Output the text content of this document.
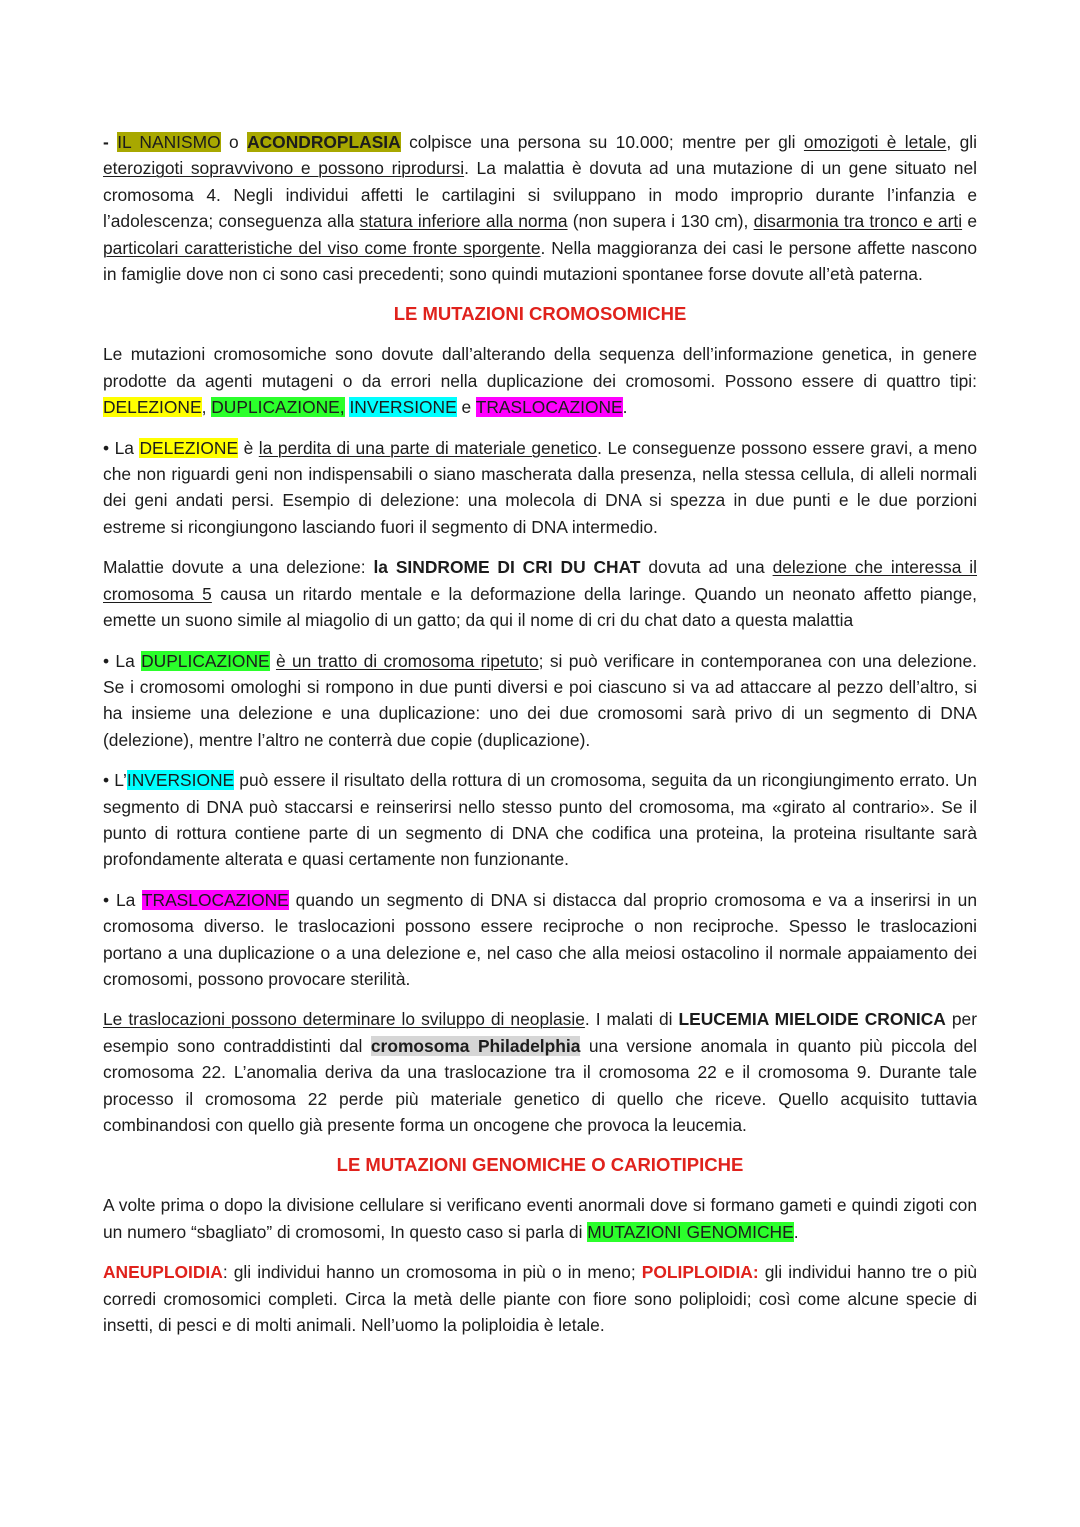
- IL NANISMO o ACONDROPLASIA colpisce una persona su 10.000; mentre per gli omozigoti è letale, gli eterozigoti sopravvivono e possono riprodursi. La malattia è dovuta ad una mutazione di un gene situato nel cromosoma 4. Negli individui affetti le cartilagini si sviluppano in modo improprio durante l’infanzia e l’adolescenza; conseguenza alla statura inferiore alla norma (non supera i 130 cm), disarmonia tra tronco e arti e particolari caratteristiche del viso come fronte sporgente. Nella maggioranza dei casi le persone affette nascono in famiglie dove non ci sono casi precedenti; sono quindi mutazioni spontanee forse dovute all’età paterna.

LE MUTAZIONI CROMOSOMICHE

Le mutazioni cromosomiche sono dovute dall’alterando della sequenza dell’informazione genetica, in genere prodotte da agenti mutageni o da errori nella duplicazione dei cromosomi. Possono essere di quattro tipi: DELEZIONE, DUPLICAZIONE, INVERSIONE e TRASLOCAZIONE.

• La DELEZIONE è la perdita di una parte di materiale genetico. Le conseguenze possono essere gravi, a meno che non riguardi geni non indispensabili o siano mascherata dalla presenza, nella stessa cellula, di alleli normali dei geni andati persi. Esempio di delezione: una molecola di DNA si spezza in due punti e le due porzioni estreme si ricongiungono lasciando fuori il segmento di DNA intermedio.

Malattie dovute a una delezione: la SINDROME DI CRI DU CHAT dovuta ad una delezione che interessa il cromosoma 5 causa un ritardo mentale e la deformazione della laringe. Quando un neonato affetto piange, emette un suono simile al miagolio di un gatto; da qui il nome di cri du chat dato a questa malattia

• La DUPLICAZIONE è un tratto di cromosoma ripetuto; si può verificare in contemporanea con una delezione. Se i cromosomi omologhi si rompono in due punti diversi e poi ciascuno si va ad attaccare al pezzo dell’altro, si ha insieme una delezione e una duplicazione: uno dei due cromosomi sarà privo di un segmento di DNA (delezione), mentre l’altro ne conterrà due copie (duplicazione).

• L’INVERSIONE può essere il risultato della rottura di un cromosoma, seguita da un ricongiungimento errato. Un segmento di DNA può staccarsi e reinserirsi nello stesso punto del cromosoma, ma «girato al contrario». Se il punto di rottura contiene parte di un segmento di DNA che codifica una proteina, la proteina risultante sarà profondamente alterata e quasi certamente non funzionante.

• La TRASLOCAZIONE quando un segmento di DNA si distacca dal proprio cromosoma e va a inserirsi in un cromosoma diverso. le traslocazioni possono essere reciproche o non reciproche. Spesso le traslocazioni portano a una duplicazione o a una delezione e, nel caso che alla meiosi ostacolino il normale appaiamento dei cromosomi, possono provocare sterilità.

Le traslocazioni possono determinare lo sviluppo di neoplasie. I malati di LEUCEMIA MIELOIDE CRONICA per esempio sono contraddistinti dal cromosoma Philadelphia una versione anomala in quanto più piccola del cromosoma 22. L’anomalia deriva da una traslocazione tra il cromosoma 22 e il cromosoma 9. Durante tale processo il cromosoma 22 perde più materiale genetico di quello che riceve. Quello acquisito tuttavia combinandosi con quello già presente forma un oncogene che provoca la leucemia.

LE MUTAZIONI GENOMICHE O CARIOTIPICHE

A volte prima o dopo la divisione cellulare si verificano eventi anormali dove si formano gameti e quindi zigoti con un numero “sbagliato” di cromosomi, In questo caso si parla di MUTAZIONI GENOMICHE.

ANEUPLOIDIA: gli individui hanno un cromosoma in più o in meno; POLIPLOIDIA: gli individui hanno tre o più corredi cromosomici completi. Circa la metà delle piante con fiore sono poliploidi; così come alcune specie di insetti, di pesci e di molti animali. Nell’uomo la poliploidia è letale.
